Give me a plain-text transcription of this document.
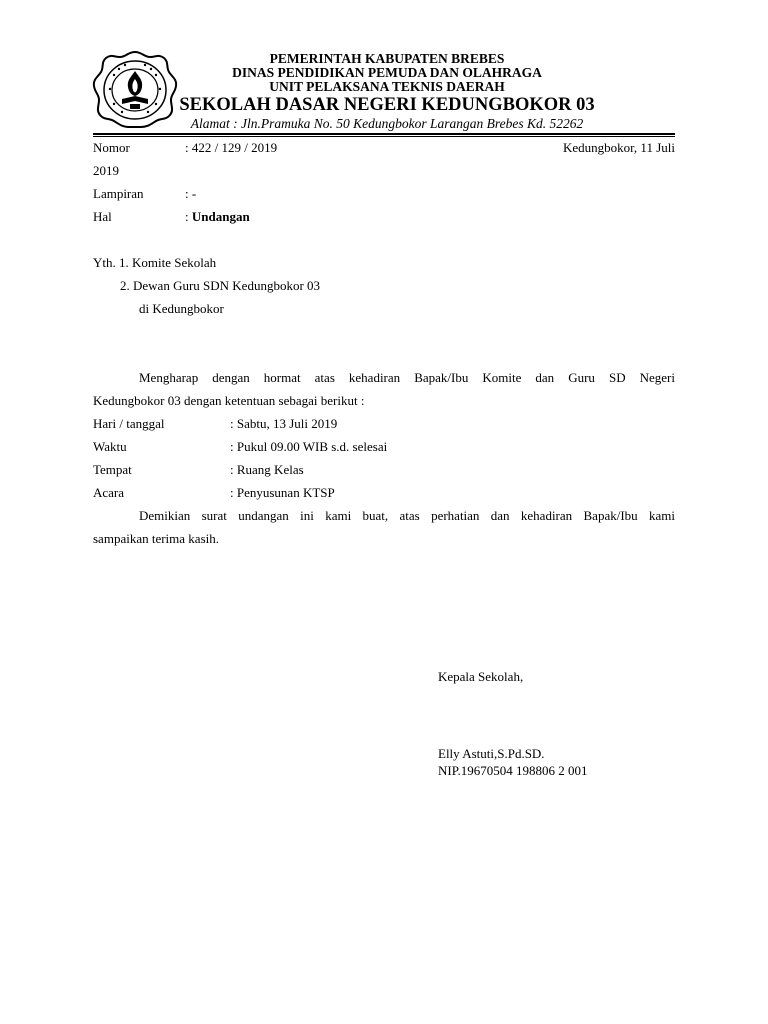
PEMERINTAH KABUPATEN BREBES
DINAS PENDIDIKAN PEMUDA DAN OLAHRAGA
UNIT PELAKSANA TEKNIS DAERAH
SEKOLAH DASAR NEGERI KEDUNGBOKOR 03
Alamat : Jln.Pramuka No. 50 Kedungbokor Larangan Brebes Kd. 52262
Nomor	: 422 / 129 / 2019	Kedungbokor, 11 Juli
2019
Lampiran	: -
Hal	: Undangan
Yth. 1. Komite Sekolah
2. Dewan Guru SDN Kedungbokor 03
di Kedungbokor
Mengharap dengan hormat atas kehadiran Bapak/Ibu Komite dan Guru SD Negeri
Kedungbokor 03 dengan ketentuan sebagai berikut :
Hari / tanggal	: Sabtu, 13 Juli 2019
Waktu	: Pukul 09.00 WIB s.d. selesai
Tempat	: Ruang Kelas
Acara	: Penyusunan KTSP
Demikian surat undangan ini kami buat, atas perhatian dan kehadiran Bapak/Ibu kami
sampaikan terima kasih.
Kepala Sekolah,
Elly Astuti,S.Pd.SD.
NIP.19670504 198806 2 001
